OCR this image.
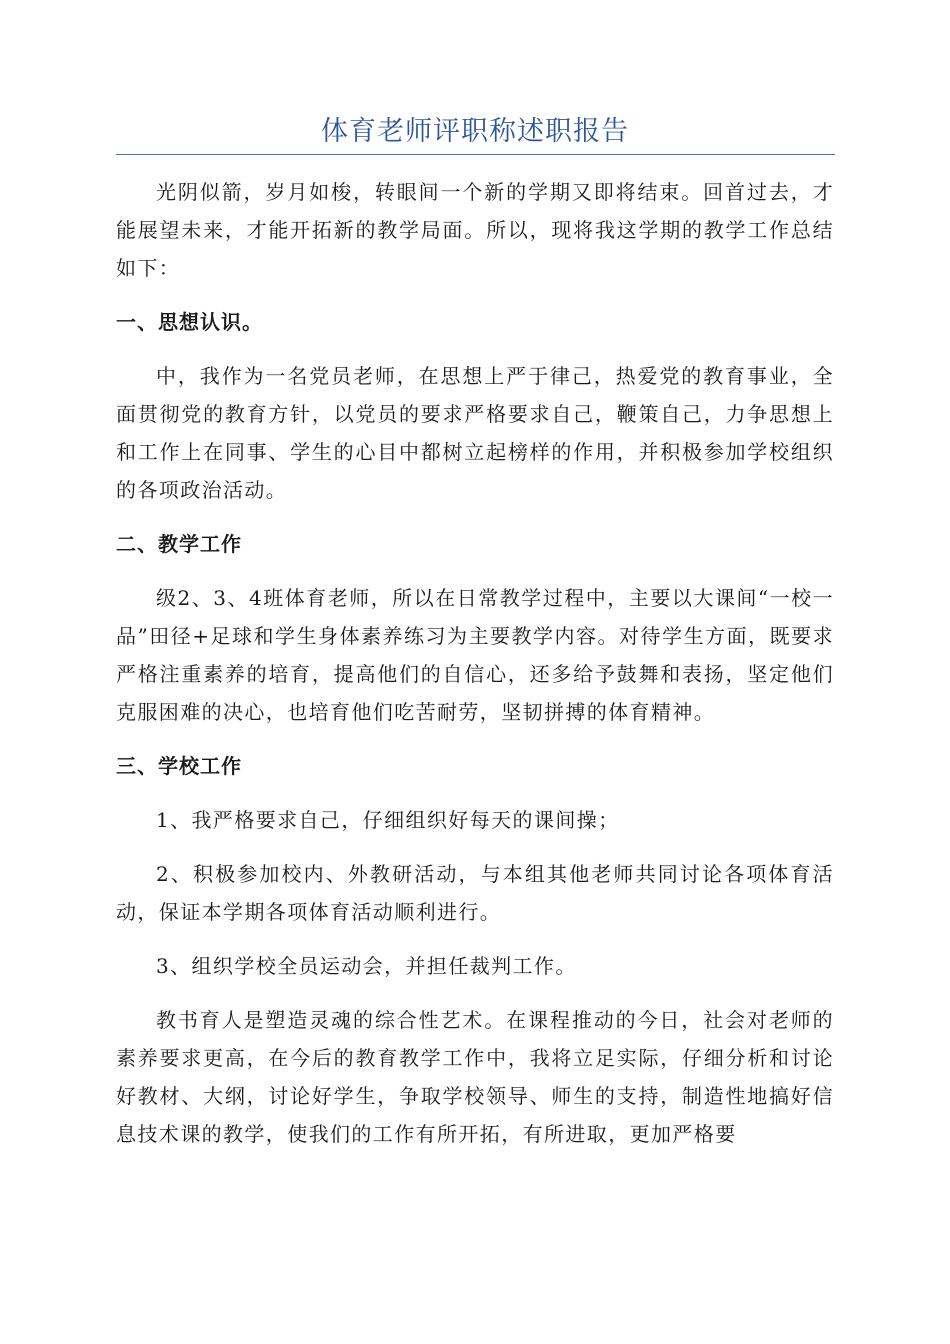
体育老师评职称述职报告

光阴似箭，岁月如梭，转眼间一个新的学期又即将结束。回首过去，才能展望未来，才能开拓新的教学局面。所以，现将我这学期的教学工作总结如下：

一、思想认识。

中，我作为一名党员老师，在思想上严于律己，热爱党的教育事业，全面贯彻党的教育方针，以党员的要求严格要求自己，鞭策自己，力争思想上和工作上在同事、学生的心目中都树立起榜样的作用，并积极参加学校组织的各项政治活动。

二、教学工作

级2、3、4班体育老师，所以在日常教学过程中，主要以大课间“一校一品”田径+足球和学生身体素养练习为主要教学内容。对待学生方面，既要求严格注重素养的培育，提高他们的自信心，还多给予鼓舞和表扬，坚定他们克服困难的决心，也培育他们吃苦耐劳，坚韧拼搏的体育精神。

三、学校工作

1、我严格要求自己，仔细组织好每天的课间操；

2、积极参加校内、外教研活动，与本组其他老师共同讨论各项体育活动，保证本学期各项体育活动顺利进行。

3、组织学校全员运动会，并担任裁判工作。

教书育人是塑造灵魂的综合性艺术。在课程推动的今日，社会对老师的素养要求更高，在今后的教育教学工作中，我将立足实际，仔细分析和讨论好教材、大纲，讨论好学生，争取学校领导、师生的支持，制造性地搞好信息技术课的教学，使我们的工作有所开拓，有所进取，更加严格要
